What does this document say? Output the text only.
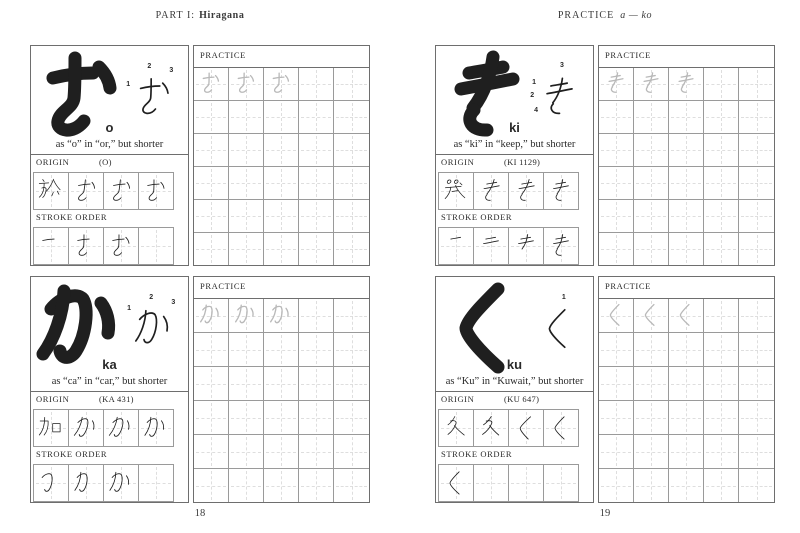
PART I: Hiragana
1
2	3
o
as “o” in “or,” but shorter
ORIGIN	(O)
STROKE ORDER
PRACTICE
1
2
3
ka
as “ca” in “car,” but shorter
ORIGIN	(KA 431)
STROKE ORDER
PRACTICE
18
PRACTICE a — ko
1
2
3
4
ki
as “ki” in “keep,” but shorter
ORIGIN	(KI 1129)
STROKE ORDER
PRACTICE
1
ku
as “Ku” in “Kuwait,” but shorter
ORIGIN	(KU 647)
STROKE ORDER
PRACTICE
19
